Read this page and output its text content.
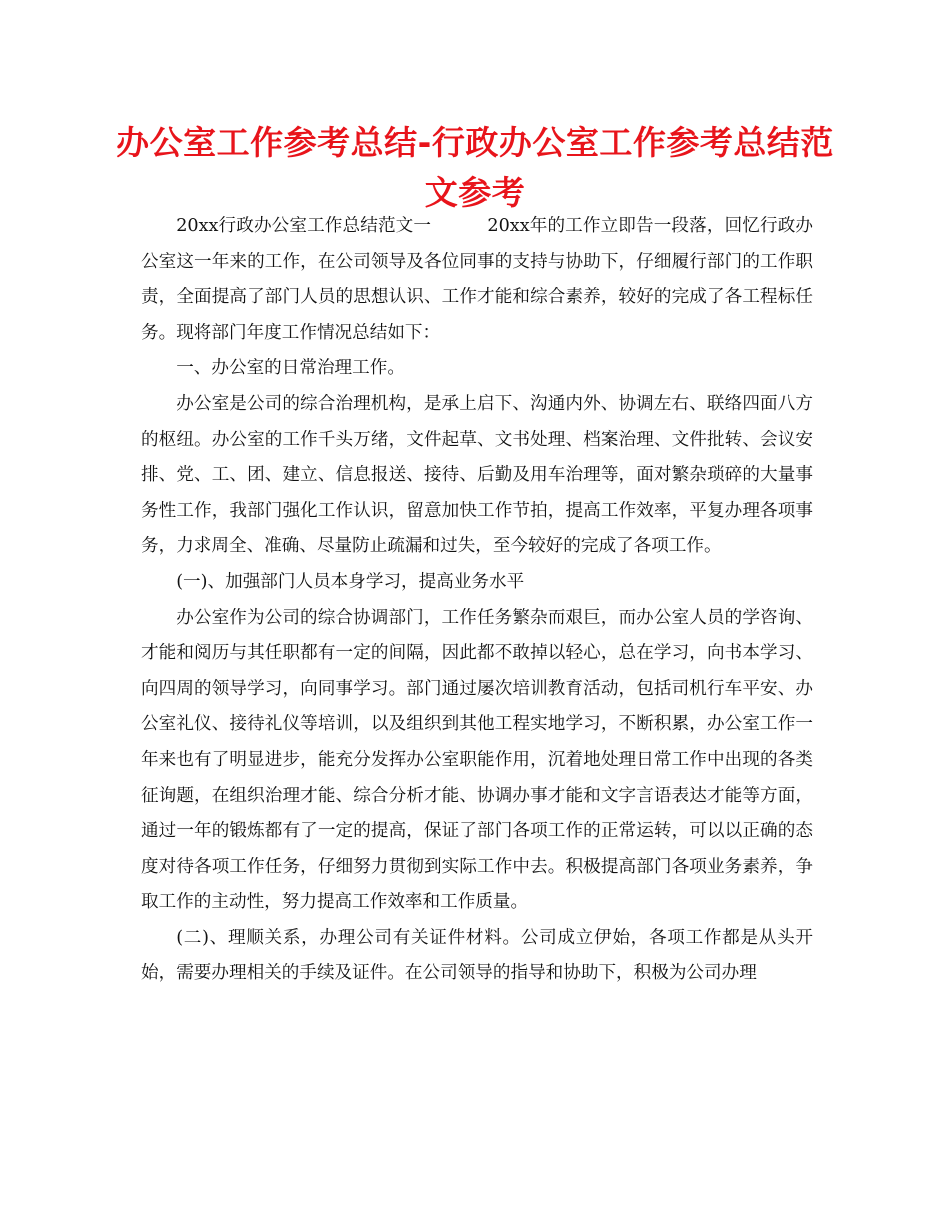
办公室工作参考总结-行政办公室工作参考总结范文参考

20xx行政办公室工作总结范文一	20xx年的工作立即告一段落，回忆行政办公室这一年来的工作，在公司领导及各位同事的支持与协助下，仔细履行部门的工作职责，全面提高了部门人员的思想认识、工作才能和综合素养，较好的完成了各工程标任务。现将部门年度工作情况总结如下：

一、办公室的日常治理工作。

办公室是公司的综合治理机构，是承上启下、沟通内外、协调左右、联络四面八方的枢纽。办公室的工作千头万绪，文件起草、文书处理、档案治理、文件批转、会议安排、党、工、团、建立、信息报送、接待、后勤及用车治理等，面对繁杂琐碎的大量事务性工作，我部门强化工作认识，留意加快工作节拍，提高工作效率，平复办理各项事务，力求周全、准确、尽量防止疏漏和过失，至今较好的完成了各项工作。

(一)、加强部门人员本身学习，提高业务水平

办公室作为公司的综合协调部门，工作任务繁杂而艰巨，而办公室人员的学咨询、才能和阅历与其任职都有一定的间隔，因此都不敢掉以轻心，总在学习，向书本学习、向四周的领导学习，向同事学习。部门通过屡次培训教育活动，包括司机行车平安、办公室礼仪、接待礼仪等培训，以及组织到其他工程实地学习，不断积累，办公室工作一年来也有了明显进步，能充分发挥办公室职能作用，沉着地处理日常工作中出现的各类征询题，在组织治理才能、综合分析才能、协调办事才能和文字言语表达才能等方面，通过一年的锻炼都有了一定的提高，保证了部门各项工作的正常运转，可以以正确的态度对待各项工作任务，仔细努力贯彻到实际工作中去。积极提高部门各项业务素养，争取工作的主动性，努力提高工作效率和工作质量。

(二)、理顺关系，办理公司有关证件材料。公司成立伊始，各项工作都是从头开始，需要办理相关的手续及证件。在公司领导的指导和协助下，积极为公司办理
